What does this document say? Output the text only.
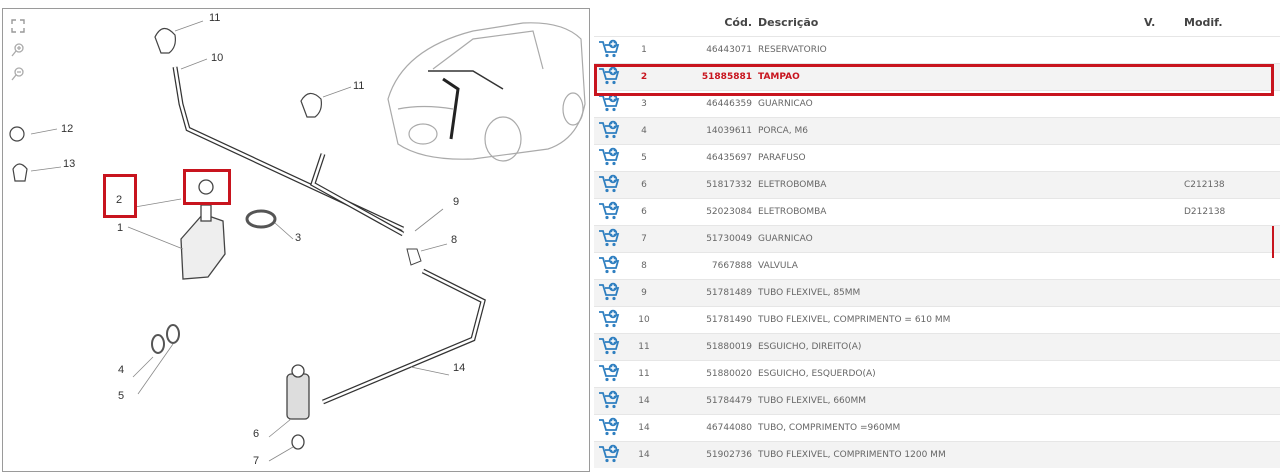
11
10
11
12
13
2
1
3
9
8
4
5
14
6
7
		Cód.	Descrição	V.	Modif.
	1	46443071	RESERVATORIO		
	2	51885881	TAMPAO		
	3	46446359	GUARNICAO		
	4	14039611	PORCA, M6		
	5	46435697	PARAFUSO		
	6	51817332	ELETROBOMBA		C212138
	6	52023084	ELETROBOMBA		D212138
	7	51730049	GUARNICAO		
	8	7667888	VALVULA		
	9	51781489	TUBO FLEXIVEL, 85MM		
	10	51781490	TUBO FLEXIVEL, COMPRIMENTO = 610 MM		
	11	51880019	ESGUICHO, DIREITO(A)		
	11	51880020	ESGUICHO, ESQUERDO(A)		
	14	51784479	TUBO FLEXIVEL, 660MM		
	14	46744080	TUBO, COMPRIMENTO =960MM		
	14	51902736	TUBO FLEXIVEL, COMPRIMENTO 1200 MM		
